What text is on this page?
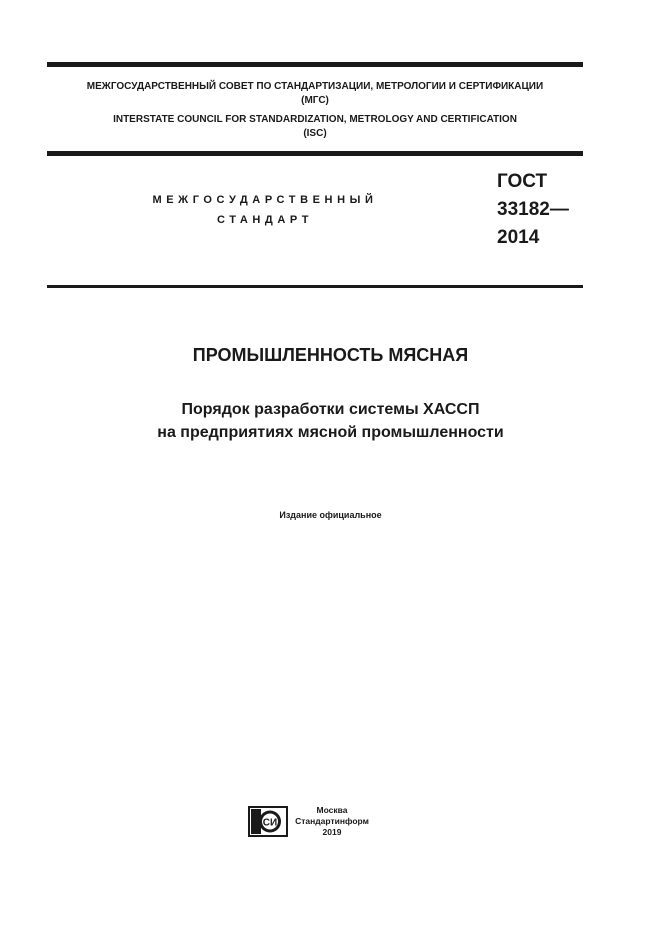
МЕЖГОСУДАРСТВЕННЫЙ СОВЕТ ПО СТАНДАРТИЗАЦИИ, МЕТРОЛОГИИ И СЕРТИФИКАЦИИ
(МГС)
INTERSTATE COUNCIL FOR STANDARDIZATION, METROLOGY AND CERTIFICATION
(ISC)
МЕЖГОСУДАРСТВЕННЫЙ
СТАНДАРТ
ГОСТ
33182—
2014
ПРОМЫШЛЕННОСТЬ МЯСНАЯ
Порядок разработки системы ХАССП
на предприятиях мясной промышленности
Издание официальное
СИ
Москва
Стандартинформ
2019
